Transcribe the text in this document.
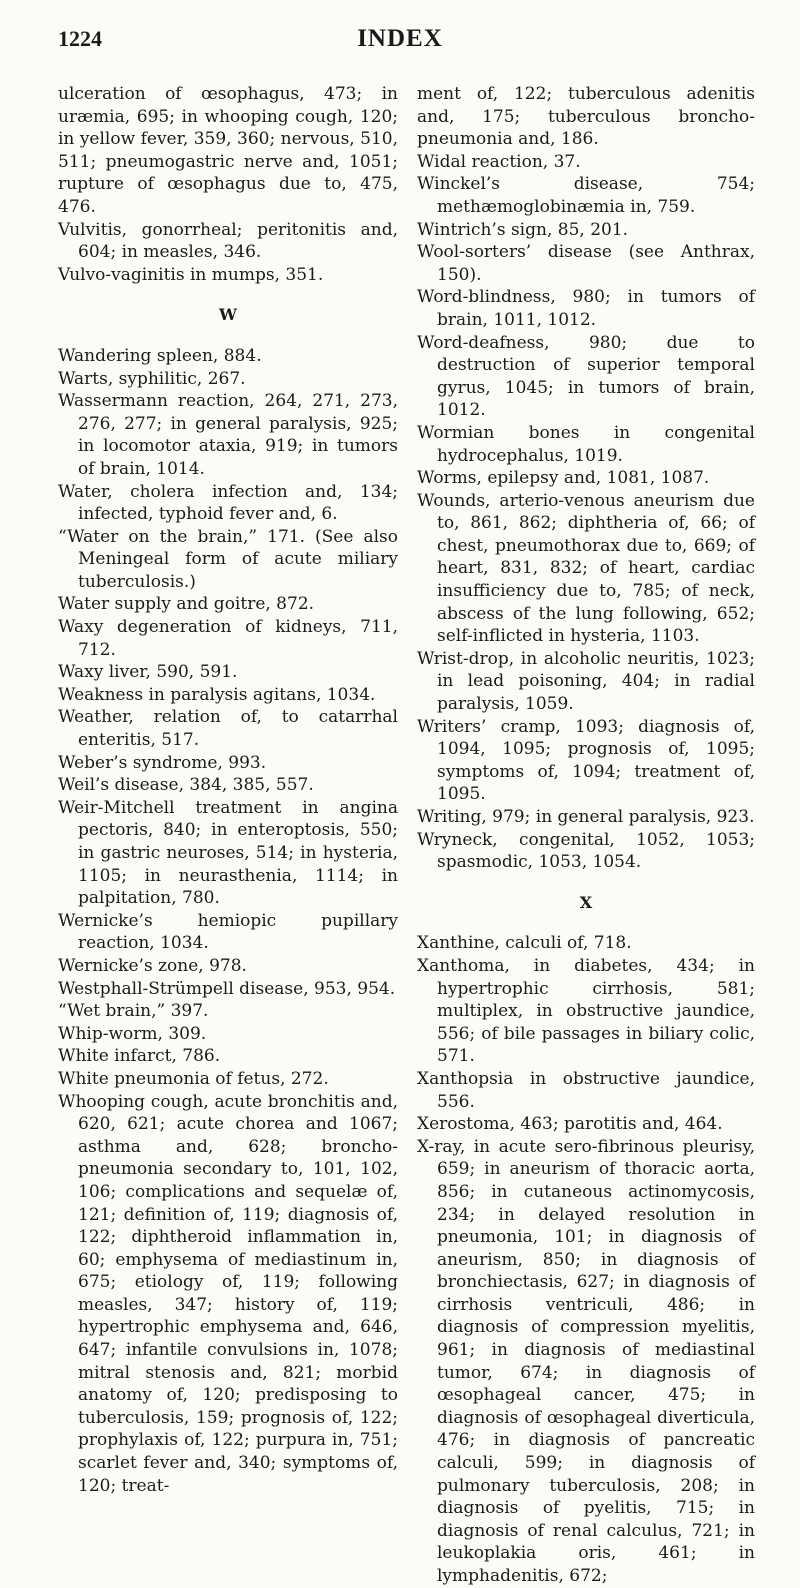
1224	INDEX

ulceration of œsophagus, 473; in uræmia, 695; in whooping cough, 120; in yellow fever, 359, 360; nervous, 510, 511; pneumogastric nerve and, 1051; rupture of œsophagus due to, 475, 476.

Vulvitis, gonorrheal; peritonitis and, 604; in measles, 346.

Vulvo-vaginitis in mumps, 351.

W

Wandering spleen, 884.

Warts, syphilitic, 267.

Wassermann reaction, 264, 271, 273, 276, 277; in general paralysis, 925; in locomotor ataxia, 919; in tumors of brain, 1014.

Water, cholera infection and, 134; infected, typhoid fever and, 6.

“Water on the brain,” 171. (See also Meningeal form of acute miliary tuberculosis.)

Water supply and goitre, 872.

Waxy degeneration of kidneys, 711, 712.

Waxy liver, 590, 591.

Weakness in paralysis agitans, 1034.

Weather, relation of, to catarrhal enteritis, 517.

Weber’s syndrome, 993.

Weil’s disease, 384, 385, 557.

Weir-Mitchell treatment in angina pectoris, 840; in enteroptosis, 550; in gastric neuroses, 514; in hysteria, 1105; in neurasthenia, 1114; in palpitation, 780.

Wernicke’s hemiopic pupillary reaction, 1034.

Wernicke’s zone, 978.

Westphall-Strümpell disease, 953, 954.

“Wet brain,” 397.

Whip-worm, 309.

White infarct, 786.

White pneumonia of fetus, 272.

Whooping cough, acute bronchitis and, 620, 621; acute chorea and 1067; asthma and, 628; broncho-pneumonia secondary to, 101, 102, 106; complications and sequelæ of, 121; definition of, 119; diagnosis of, 122; diphtheroid inflammation in, 60; emphysema of mediastinum in, 675; etiology of, 119; following measles, 347; history of, 119; hypertrophic emphysema and, 646, 647; infantile convulsions in, 1078; mitral stenosis and, 821; morbid anatomy of, 120; predisposing to tuberculosis, 159; prognosis of, 122; prophylaxis of, 122; purpura in, 751; scarlet fever and, 340; symptoms of, 120; treat-

ment of, 122; tuberculous adenitis and, 175; tuberculous broncho-pneumonia and, 186.

Widal reaction, 37.

Winckel’s disease, 754; methæmoglobinæmia in, 759.

Wintrich’s sign, 85, 201.

Wool-sorters’ disease (see Anthrax, 150).

Word-blindness, 980; in tumors of brain, 1011, 1012.

Word-deafness, 980; due to destruction of superior temporal gyrus, 1045; in tumors of brain, 1012.

Wormian bones in congenital hydrocephalus, 1019.

Worms, epilepsy and, 1081, 1087.

Wounds, arterio-venous aneurism due to, 861, 862; diphtheria of, 66; of chest, pneumothorax due to, 669; of heart, 831, 832; of heart, cardiac insufficiency due to, 785; of neck, abscess of the lung following, 652; self-inflicted in hysteria, 1103.

Wrist-drop, in alcoholic neuritis, 1023; in lead poisoning, 404; in radial paralysis, 1059.

Writers’ cramp, 1093; diagnosis of, 1094, 1095; prognosis of, 1095; symptoms of, 1094; treatment of, 1095.

Writing, 979; in general paralysis, 923.

Wryneck, congenital, 1052, 1053; spasmodic, 1053, 1054.

X

Xanthine, calculi of, 718.

Xanthoma, in diabetes, 434; in hypertrophic cirrhosis, 581; multiplex, in obstructive jaundice, 556; of bile passages in biliary colic, 571.

Xanthopsia in obstructive jaundice, 556.

Xerostoma, 463; parotitis and, 464.

X-ray, in acute sero-fibrinous pleurisy, 659; in aneurism of thoracic aorta, 856; in cutaneous actinomycosis, 234; in delayed resolution in pneumonia, 101; in diagnosis of aneurism, 850; in diagnosis of bronchiectasis, 627; in diagnosis of cirrhosis ventriculi, 486; in diagnosis of compression myelitis, 961; in diagnosis of mediastinal tumor, 674; in diagnosis of œsophageal cancer, 475; in diagnosis of œsophageal diverticula, 476; in diagnosis of pancreatic calculi, 599; in diagnosis of pulmonary tuberculosis, 208; in diagnosis of pyelitis, 715; in diagnosis of renal calculus, 721; in leukoplakia oris, 461; in lymphadenitis, 672;
